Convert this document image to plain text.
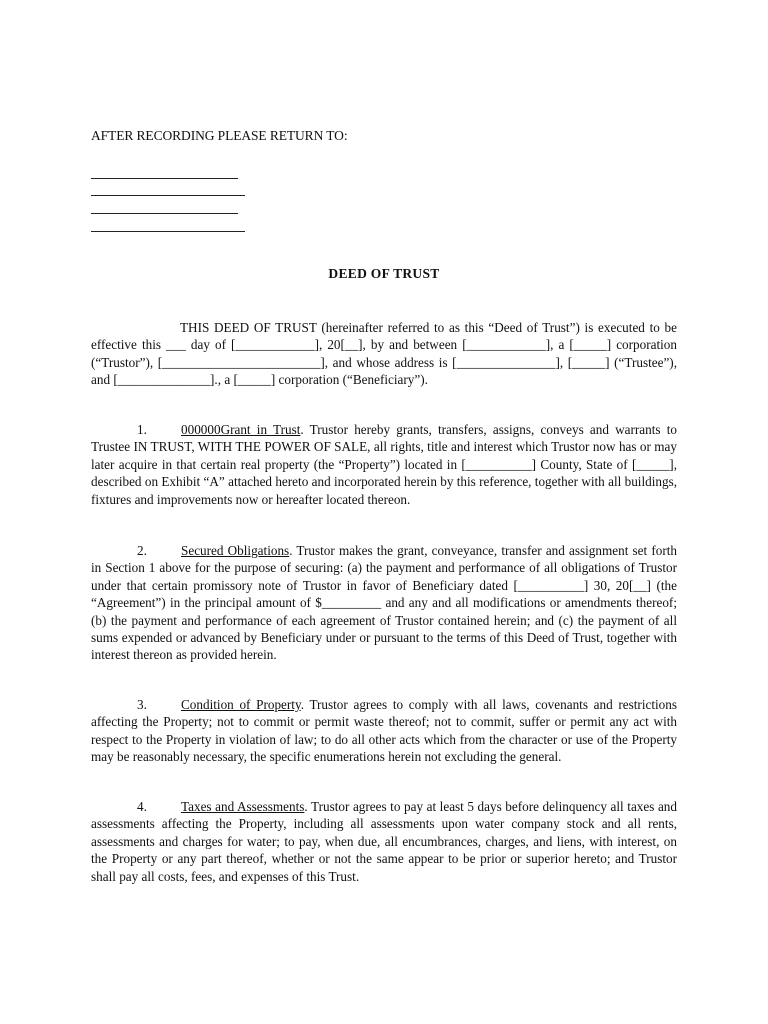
AFTER RECORDING PLEASE RETURN TO:
DEED OF TRUST

THIS DEED OF TRUST (hereinafter referred to as this “Deed of Trust”) is executed to be effective this ___ day of [____________], 20[__], by and between [____________], a [_____] corporation (“Trustor”), [________________________], and whose address is [_______________], [_____] (“Trustee”), and [______________]., a [_____] corporation (“Beneficiary”).

1.	000000Grant in Trust. Trustor hereby grants, transfers, assigns, conveys and warrants to Trustee IN TRUST, WITH THE POWER OF SALE, all rights, title and interest which Trustor now has or may later acquire in that certain real property (the “Property”) located in [__________] County, State of [_____], described on Exhibit “A” attached hereto and incorporated herein by this reference, together with all buildings, fixtures and improvements now or hereafter located thereon.

2.	Secured Obligations. Trustor makes the grant, conveyance, transfer and assignment set forth in Section 1 above for the purpose of securing: (a) the payment and performance of all obligations of Trustor under that certain promissory note of Trustor in favor of Beneficiary dated [__________] 30, 20[__] (the “Agreement”) in the principal amount of $_________ and any and all modifications or amendments thereof; (b) the payment and performance of each agreement of Trustor contained herein; and (c) the payment of all sums expended or advanced by Beneficiary under or pursuant to the terms of this Deed of Trust, together with interest thereon as provided herein.

3.	Condition of Property. Trustor agrees to comply with all laws, covenants and restrictions affecting the Property; not to commit or permit waste thereof; not to commit, suffer or permit any act with respect to the Property in violation of law; to do all other acts which from the character or use of the Property may be reasonably necessary, the specific enumerations herein not excluding the general.

4.	Taxes and Assessments. Trustor agrees to pay at least 5 days before delinquency all taxes and assessments affecting the Property, including all assessments upon water company stock and all rents, assessments and charges for water; to pay, when due, all encumbrances, charges, and liens, with interest, on the Property or any part thereof, whether or not the same appear to be prior or superior hereto; and Trustor shall pay all costs, fees, and expenses of this Trust.
